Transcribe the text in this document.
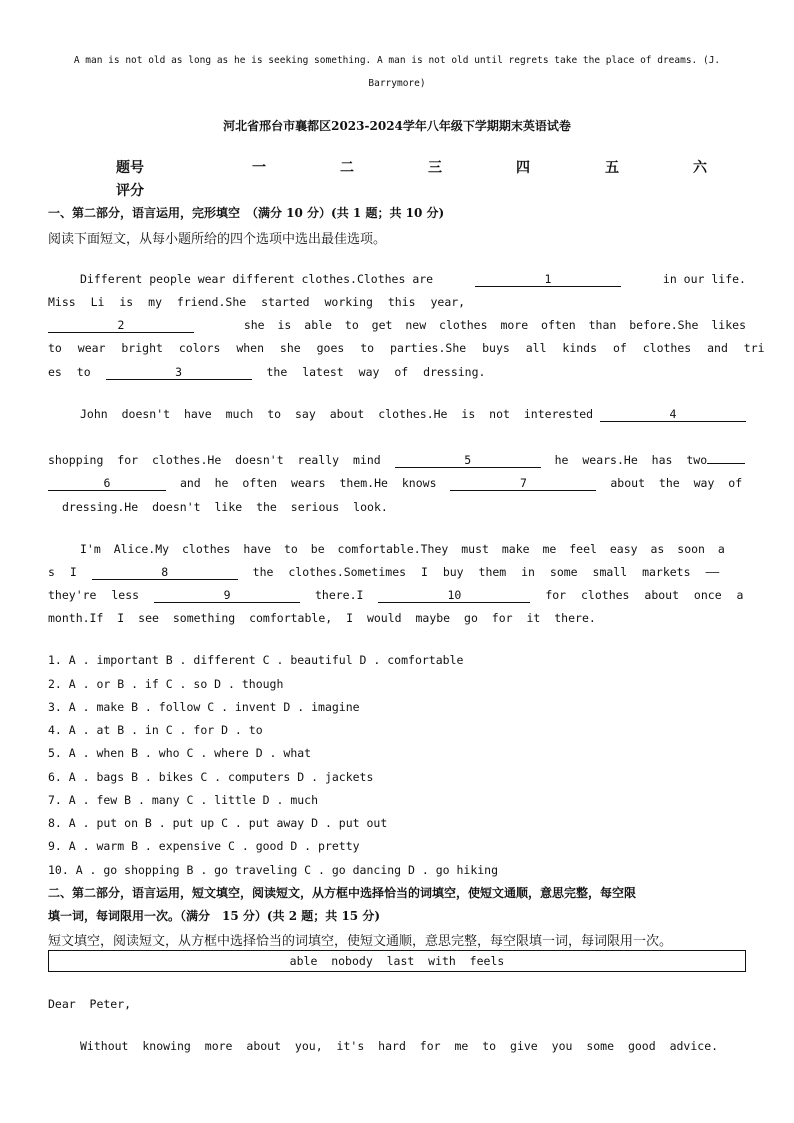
A man is not old as long as he is seeking something. A man is not old until regrets take the place of dreams. (J.
Barrymore)
河北省邢台市襄都区2023-2024学年八年级下学期期末英语试卷
题号	一	二	三	四	五	六
评分
一、第二部分，语言运用，完形填空　（满分 10 分）(共 1 题；共 10 分)
阅读下面短文，从每小题所给的四个选项中选出最佳选项。
Different people wear different clothes.Clothes are	1	in our life.
Miss Li is my friend.She started working this year,
2	she is able to get new clothes more often than before.She likes
to wear bright colors when she goes to parties.She buys all kinds of clothes and tri
es to	3	the latest way of dressing.
John doesn't have much to say about clothes.He is not interested	4
shopping for clothes.He doesn't really mind	5	he wears.He has two
6	and he often wears them.He knows	7	about the way of
dressing.He doesn't like the serious look.
I'm Alice.My clothes have to be comfortable.They must make me feel easy as soon a
s I	8	the clothes.Sometimes I buy them in some small markets ——
they're less	9	there.I	10	for clothes about once a
month.If I see something comfortable, I would maybe go for it there.
1. A . important B . different C . beautiful D . comfortable
2. A . or B . if C . so D . though
3. A . make B . follow C . invent D . imagine
4. A . at B . in C . for D . to
5. A . when B . who C . where D . what
6. A . bags B . bikes C . computers D . jackets
7. A . few B . many C . little D . much
8. A . put on B . put up C . put away D . put out
9. A . warm B . expensive C . good D . pretty
10. A . go shopping B . go traveling C . go dancing D . go hiking
二、第二部分，语言运用，短文填空，阅读短文，从方框中选择恰当的词填空，使短文通顺，意思完整，每空限
填一词，每词限用一次。（满分　15 分）(共 2 题；共 15 分)
短文填空，阅读短文，从方框中选择恰当的词填空，使短文通顺，意思完整，每空限填一词，每词限用一次。
able  nobody  last  with  feels
Dear  Peter,
Without knowing more about you, it's hard for me to give you some good advice.
